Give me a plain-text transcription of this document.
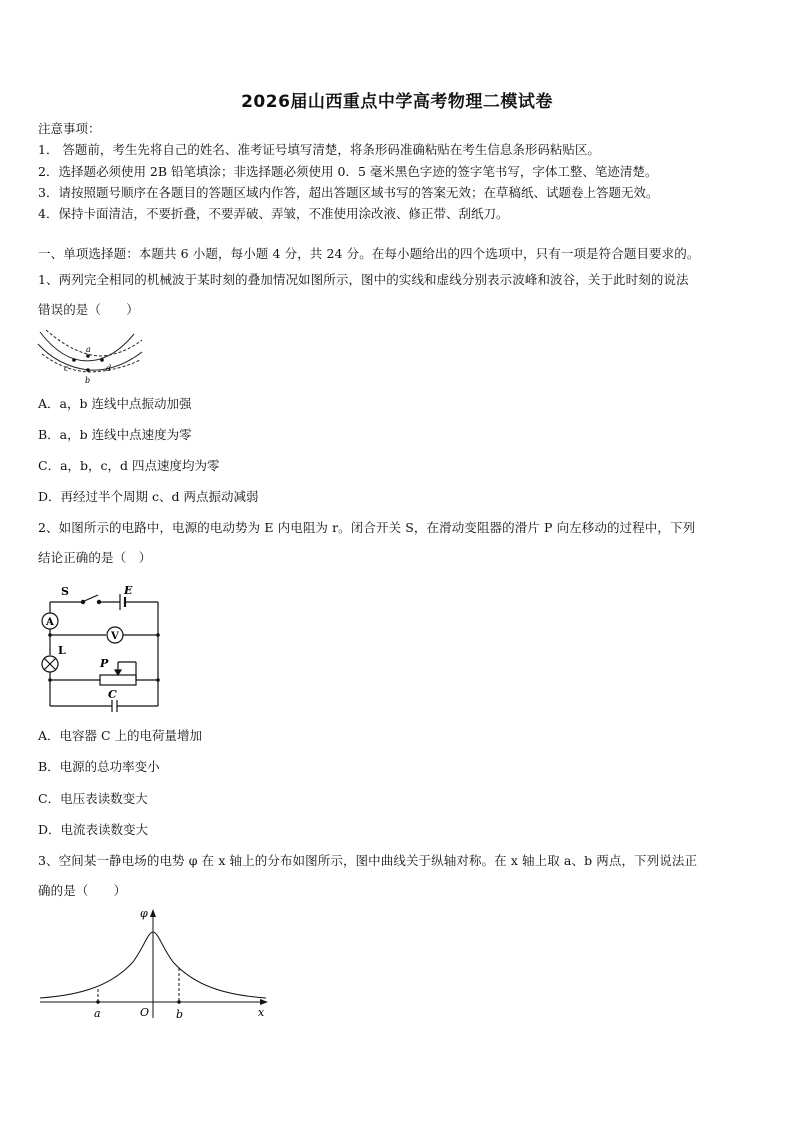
2026届山西重点中学高考物理二模试卷
注意事项：
1． 答题前，考生先将自己的姓名、准考证号填写清楚，将条形码准确粘贴在考生信息条形码粘贴区。
2．选择题必须使用 2B 铅笔填涂；非选择题必须使用 0．5 毫米黑色字迹的签字笔书写，字体工整、笔迹清楚。
3．请按照题号顺序在各题目的答题区域内作答，超出答题区域书写的答案无效；在草稿纸、试题卷上答题无效。
4．保持卡面清洁，不要折叠，不要弄破、弄皱，不准使用涂改液、修正带、刮纸刀。
一、单项选择题：本题共 6 小题，每小题 4 分，共 24 分。在每小题给出的四个选项中，只有一项是符合题目要求的。
1、两列完全相同的机械波于某时刻的叠加情况如图所示，图中的实线和虚线分别表示波峰和波谷，关于此时刻的说法
错误的是（　　）
a
c	d
b
A．a，b 连线中点振动加强
B．a，b 连线中点速度为零
C．a，b，c，d 四点速度均为零
D．再经过半个周期 c、d 两点振动减弱
2、如图所示的电路中，电源的电动势为 E 内电阻为 r。闭合开关 S，在滑动变阻器的滑片 P 向左移动的过程中，下列
结论正确的是（　）
S	E
A
V
L
P
C
A．电容器 C 上的电荷量增加
B．电源的总功率变小
C．电压表读数变大
D．电流表读数变大
3、空间某一静电场的电势 φ 在 x 轴上的分布如图所示，图中曲线关于纵轴对称。在 x 轴上取 a、b 两点，下列说法正
确的是（　　）
φ
O
a	b	x
